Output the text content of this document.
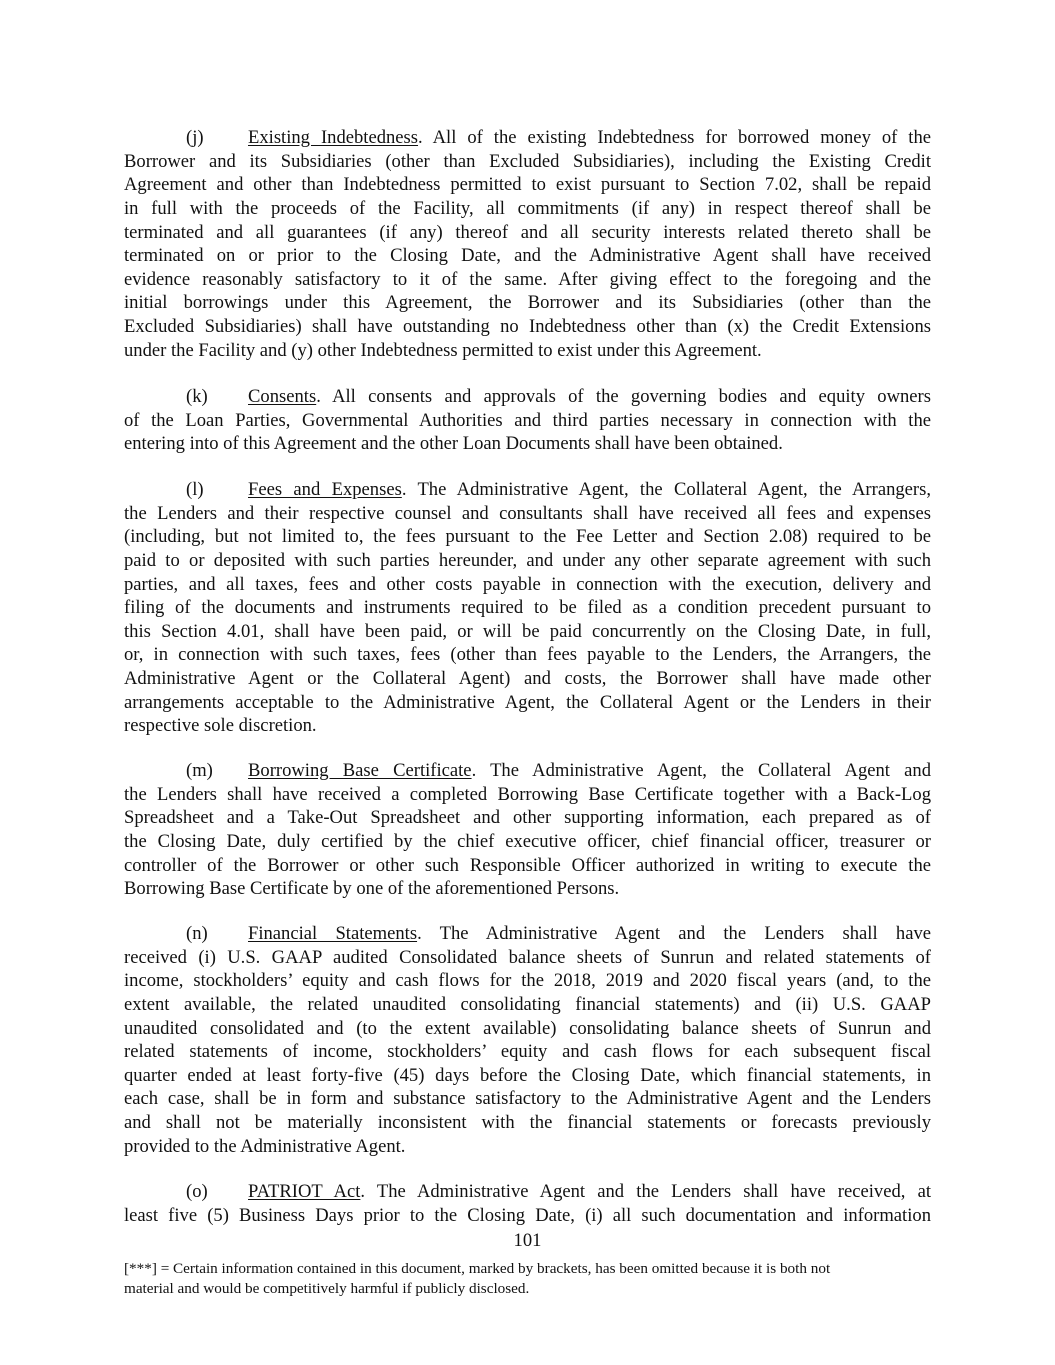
(j) Existing Indebtedness. All of the existing Indebtedness for borrowed money of the
Borrower and its Subsidiaries (other than Excluded Subsidiaries), including the Existing Credit
Agreement and other than Indebtedness permitted to exist pursuant to Section 7.02, shall be repaid
in full with the proceeds of the Facility, all commitments (if any) in respect thereof shall be
terminated and all guarantees (if any) thereof and all security interests related thereto shall be
terminated on or prior to the Closing Date, and the Administrative Agent shall have received
evidence reasonably satisfactory to it of the same. After giving effect to the foregoing and the
initial borrowings under this Agreement, the Borrower and its Subsidiaries (other than the
Excluded Subsidiaries) shall have outstanding no Indebtedness other than (x) the Credit Extensions
under the Facility and (y) other Indebtedness permitted to exist under this Agreement.
(k) Consents. All consents and approvals of the governing bodies and equity owners
of the Loan Parties, Governmental Authorities and third parties necessary in connection with the
entering into of this Agreement and the other Loan Documents shall have been obtained.
(l) Fees and Expenses. The Administrative Agent, the Collateral Agent, the Arrangers,
the Lenders and their respective counsel and consultants shall have received all fees and expenses
(including, but not limited to, the fees pursuant to the Fee Letter and Section 2.08) required to be
paid to or deposited with such parties hereunder, and under any other separate agreement with such
parties, and all taxes, fees and other costs payable in connection with the execution, delivery and
filing of the documents and instruments required to be filed as a condition precedent pursuant to
this Section 4.01, shall have been paid, or will be paid concurrently on the Closing Date, in full,
or, in connection with such taxes, fees (other than fees payable to the Lenders, the Arrangers, the
Administrative Agent or the Collateral Agent) and costs, the Borrower shall have made other
arrangements acceptable to the Administrative Agent, the Collateral Agent or the Lenders in their
respective sole discretion.
(m) Borrowing Base Certificate. The Administrative Agent, the Collateral Agent and
the Lenders shall have received a completed Borrowing Base Certificate together with a Back-Log
Spreadsheet and a Take-Out Spreadsheet and other supporting information, each prepared as of
the Closing Date, duly certified by the chief executive officer, chief financial officer, treasurer or
controller of the Borrower or other such Responsible Officer authorized in writing to execute the
Borrowing Base Certificate by one of the aforementioned Persons.
(n) Financial Statements. The Administrative Agent and the Lenders shall have
received (i) U.S. GAAP audited Consolidated balance sheets of Sunrun and related statements of
income, stockholders’ equity and cash flows for the 2018, 2019 and 2020 fiscal years (and, to the
extent available, the related unaudited consolidating financial statements) and (ii) U.S. GAAP
unaudited consolidated and (to the extent available) consolidating balance sheets of Sunrun and
related statements of income, stockholders’ equity and cash flows for each subsequent fiscal
quarter ended at least forty-five (45) days before the Closing Date, which financial statements, in
each case, shall be in form and substance satisfactory to the Administrative Agent and the Lenders
and shall not be materially inconsistent with the financial statements or forecasts previously
provided to the Administrative Agent.
(o) PATRIOT Act. The Administrative Agent and the Lenders shall have received, at
least five (5) Business Days prior to the Closing Date, (i) all such documentation and information
101
[***] = Certain information contained in this document, marked by brackets, has been omitted because it is both not
material and would be competitively harmful if publicly disclosed.
